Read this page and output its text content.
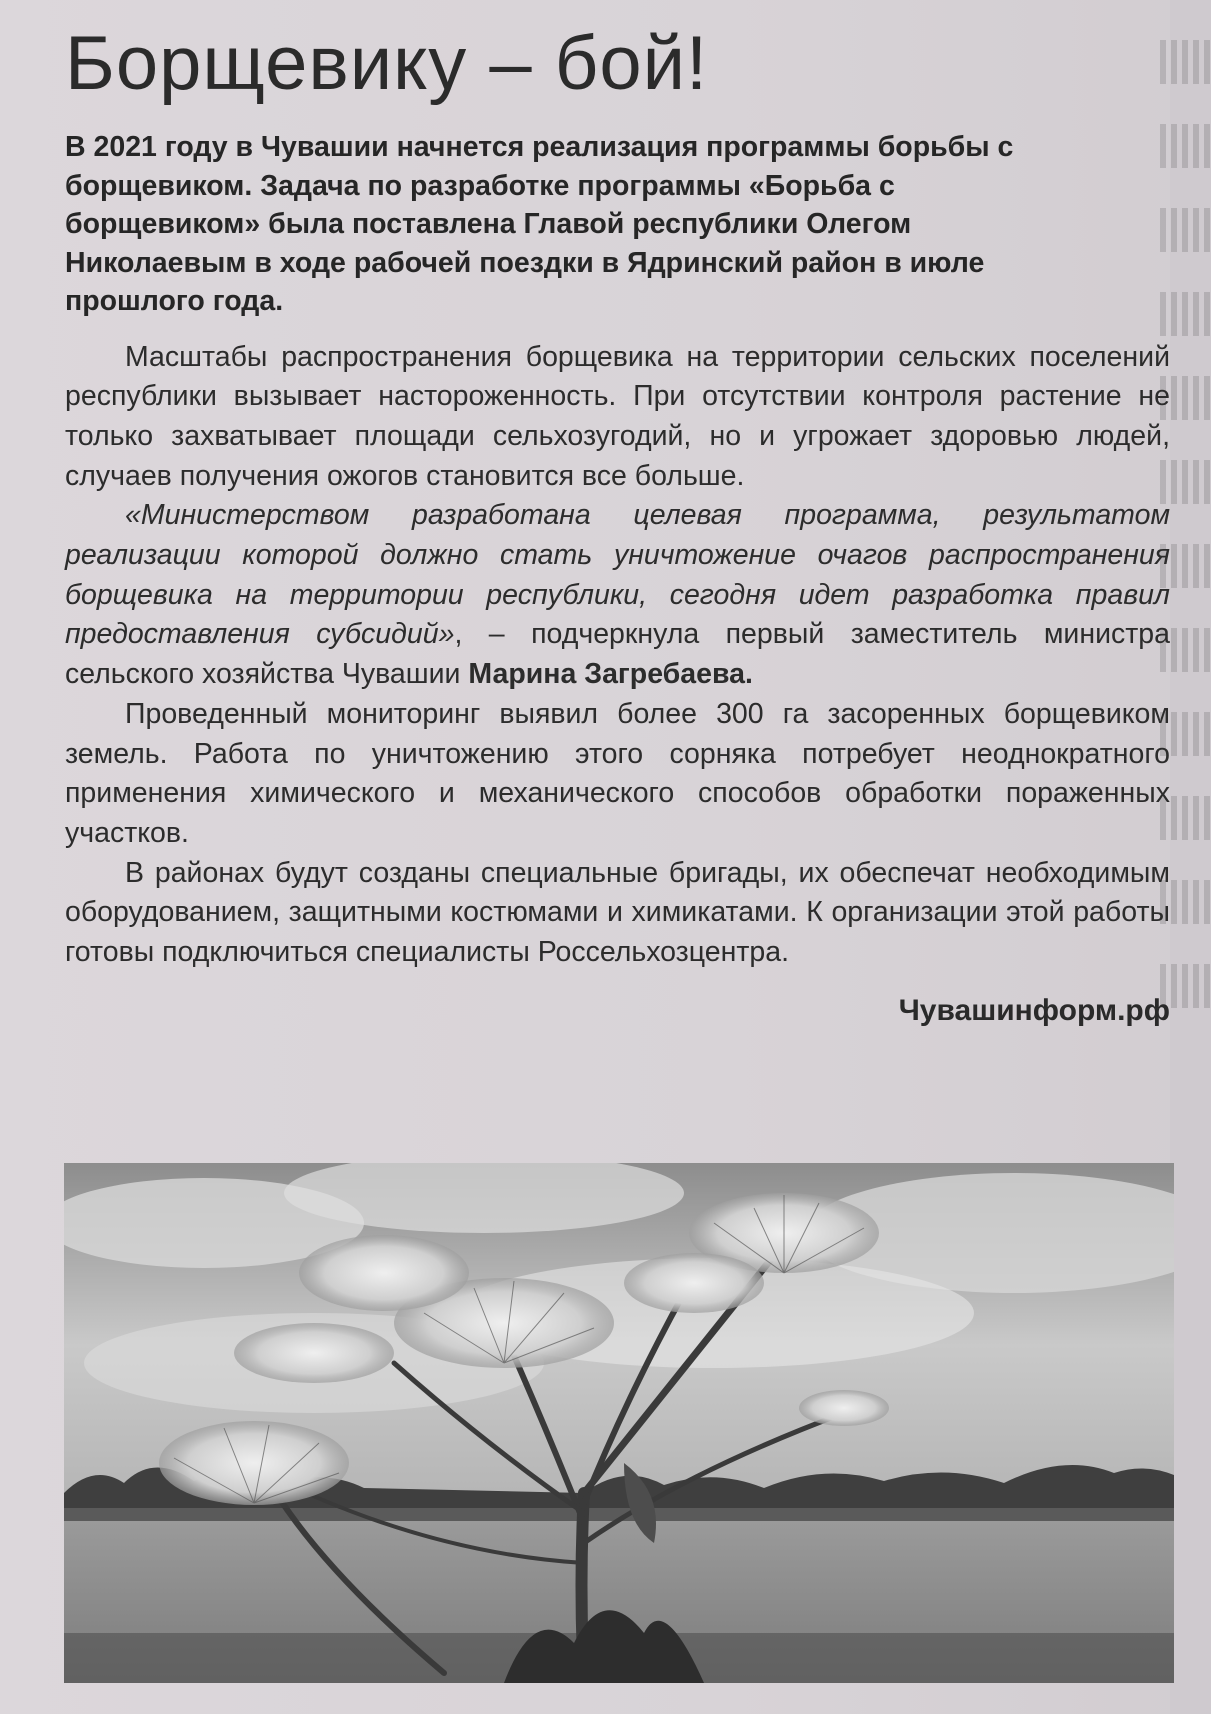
Борщевику – бой!
В 2021 году в Чувашии начнется реализация программы борьбы с борщевиком. Задача по разработке программы «Борьба с борщевиком» была поставлена Главой республики Олегом Николаевым в ходе рабочей поездки в Ядринский район в июле прошлого года.

Масштабы распространения борщевика на территории сельских поселений республики вызывает настороженность. При отсутствии контроля растение не только захватывает площади сельхозугодий, но и угрожает здоровью людей, случаев получения ожогов становится все больше.

«Министерством разработана целевая программа, результатом реализации которой должно стать уничтожение очагов распространения борщевика на территории республики, сегодня идет разработка правил предоставления субсидий», – подчеркнула первый заместитель министра сельского хозяйства Чувашии Марина Загребаева.

Проведенный мониторинг выявил более 300 га засоренных борщевиком земель. Работа по уничтожению этого сорняка потребует неоднократного применения химического и механического способов обработки пораженных участков.

В районах будут созданы специальные бригады, их обеспечат необходимым оборудованием, защитными костюмами и химикатами. К организации этой работы готовы подключиться специалисты Россельхозцентра.

Чувашинформ.рф
